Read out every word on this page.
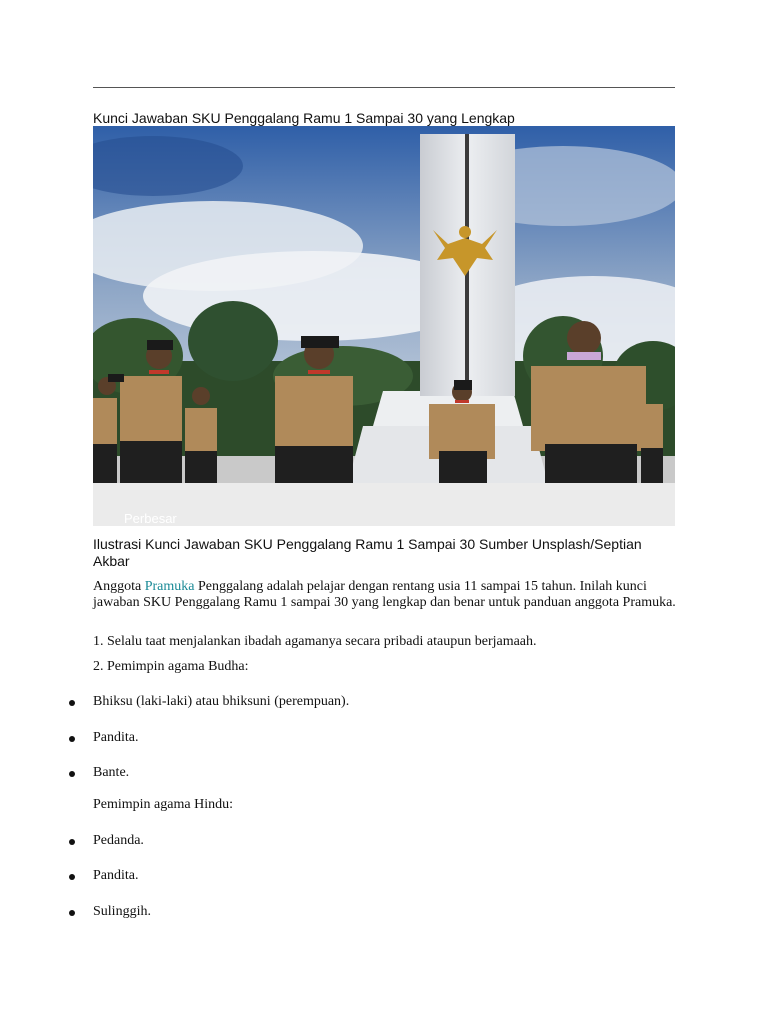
Kunci Jawaban SKU Penggalang Ramu 1 Sampai 30 yang Lengkap
Perbesar
Ilustrasi Kunci Jawaban SKU Penggalang Ramu 1 Sampai 30 Sumber Unsplash/Septian Akbar
Anggota Pramuka Penggalang adalah pelajar dengan rentang usia 11 sampai 15 tahun. Inilah kunci jawaban SKU Penggalang Ramu 1 sampai 30 yang lengkap dan benar untuk panduan anggota Pramuka.
1. Selalu taat menjalankan ibadah agamanya secara pribadi ataupun berjamaah.
2. Pemimpin agama Budha:
Bhiksu (laki-laki) atau bhiksuni (perempuan).
Pandita.
Bante.
Pemimpin agama Hindu:
Pedanda.
Pandita.
Sulinggih.
